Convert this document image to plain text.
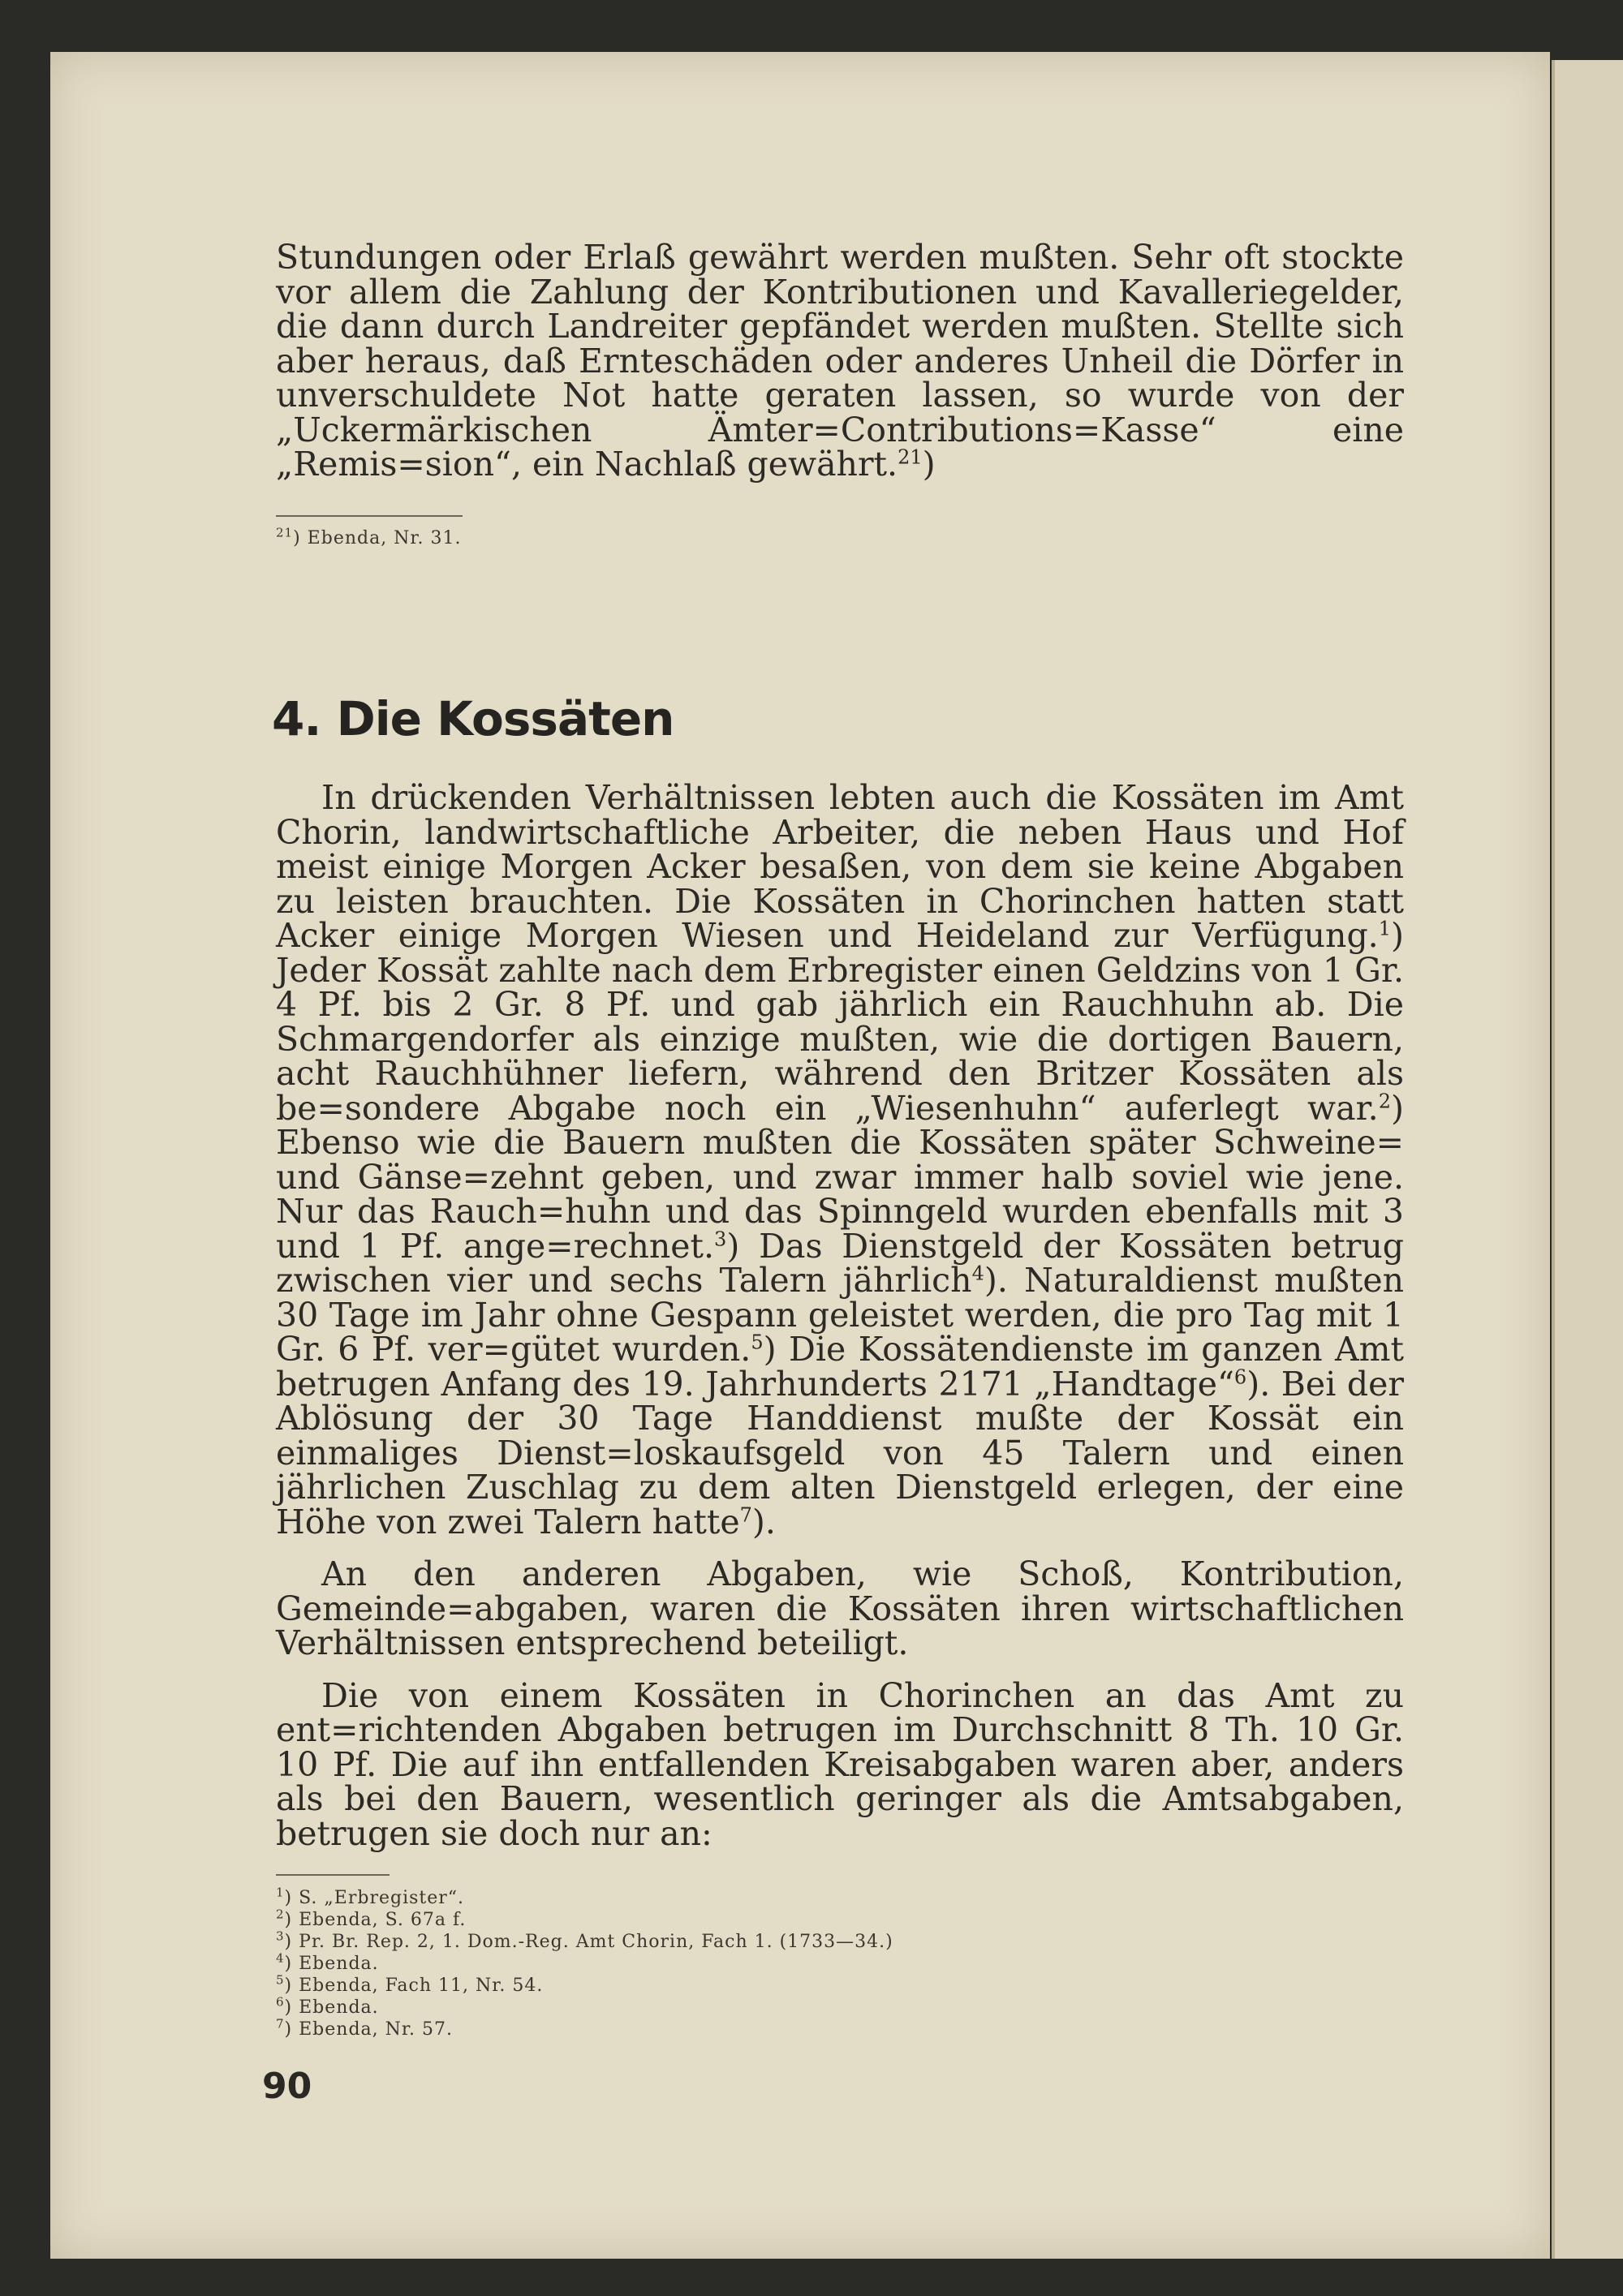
Stundungen oder Erlaß gewährt werden mußten. Sehr oft stockte vor allem die Zahlung der Kontributionen und Kavalleriegelder, die dann durch Landreiter gepfändet werden mußten. Stellte sich aber heraus, daß Ernteschäden oder anderes Unheil die Dörfer in unverschuldete Not hatte geraten lassen, so wurde von der „Uckermärkischen Ämter=Contributions=Kasse“ eine „Remis=sion“, ein Nachlaß gewährt.$^{21}$)

$^{21}$) Ebenda, Nr. 31.
4. Die Kossäten

In drückenden Verhältnissen lebten auch die Kossäten im Amt Chorin, landwirtschaftliche Arbeiter, die neben Haus und Hof meist einige Morgen Acker besaßen, von dem sie keine Abgaben zu leisten brauchten. Die Kossäten in Chorinchen hatten statt Acker einige Morgen Wiesen und Heideland zur Verfügung.$^1$) Jeder Kossät zahlte nach dem Erbregister einen Geldzins von 1 Gr. 4 Pf. bis 2 Gr. 8 Pf. und gab jährlich ein Rauchhuhn ab. Die Schmargendorfer als einzige mußten, wie die dortigen Bauern, acht Rauchhühner liefern, während den Britzer Kossäten als be=sondere Abgabe noch ein „Wiesenhuhn“ auferlegt war.$^2$) Ebenso wie die Bauern mußten die Kossäten später Schweine= und Gänse=zehnt geben, und zwar immer halb soviel wie jene. Nur das Rauch=huhn und das Spinngeld wurden ebenfalls mit 3 und 1 Pf. ange=rechnet.$^3$) Das Dienstgeld der Kossäten betrug zwischen vier und sechs Talern jährlich$^4$). Naturaldienst mußten 30 Tage im Jahr ohne Gespann geleistet werden, die pro Tag mit 1 Gr. 6 Pf. ver=gütet wurden.$^5$) Die Kossätendienste im ganzen Amt betrugen Anfang des 19. Jahrhunderts 2171 „Handtage“$^6$). Bei der Ablösung der 30 Tage Handdienst mußte der Kossät ein einmaliges Dienst=loskaufsgeld von 45 Talern und einen jährlichen Zuschlag zu dem alten Dienstgeld erlegen, der eine Höhe von zwei Talern hatte$^7$).

An den anderen Abgaben, wie Schoß, Kontribution, Gemeinde=abgaben, waren die Kossäten ihren wirtschaftlichen Verhältnissen entsprechend beteiligt.

Die von einem Kossäten in Chorinchen an das Amt zu ent=richtenden Abgaben betrugen im Durchschnitt 8 Th. 10 Gr. 10 Pf. Die auf ihn entfallenden Kreisabgaben waren aber, anders als bei den Bauern, wesentlich geringer als die Amtsabgaben, betrugen sie doch nur an:

$^1$) S. „Erbregister“.
$^2$) Ebenda, S. 67a f.
$^3$) Pr. Br. Rep. 2, 1. Dom.-Reg. Amt Chorin, Fach 1. (1733—34.)
$^4$) Ebenda.
$^5$) Ebenda, Fach 11, Nr. 54.
$^6$) Ebenda.
$^7$) Ebenda, Nr. 57.
90
